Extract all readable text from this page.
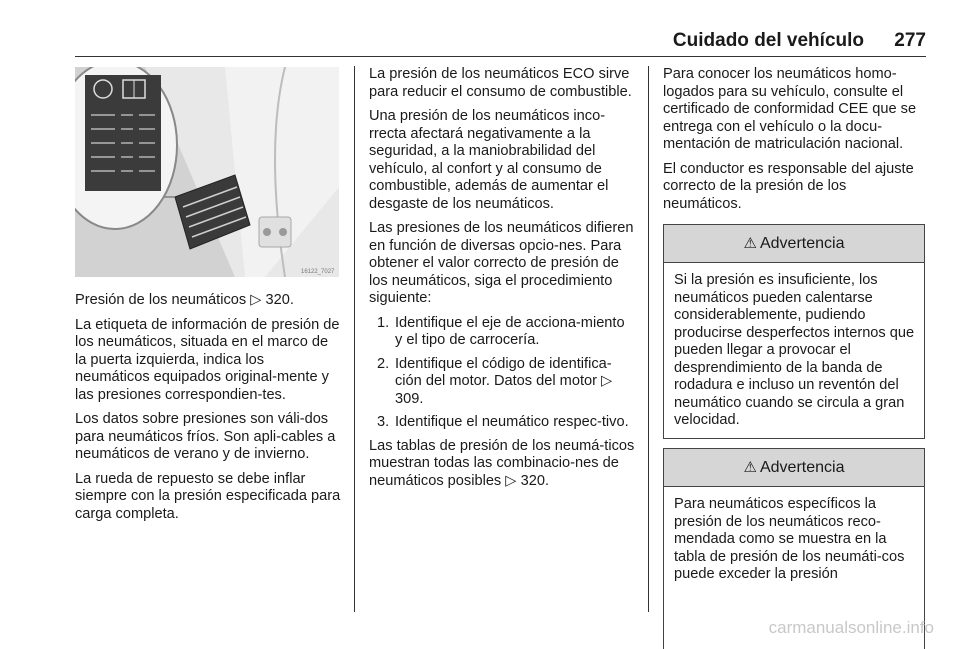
Cuidado del vehículo 277
16122_7027

Presión de los neumáticos ▷ 320.

La etiqueta de información de presión de los neumáticos, situada en el marco de la puerta izquierda, indica los neumáticos equipados original-mente y las presiones correspondien-tes.

Los datos sobre presiones son váli-dos para neumáticos fríos. Son apli-cables a neumáticos de verano y de invierno.

La rueda de repuesto se debe inflar siempre con la presión especificada para carga completa.

La presión de los neumáticos ECO sirve para reducir el consumo de combustible.

Una presión de los neumáticos inco-rrecta afectará negativamente a la seguridad, a la maniobrabilidad del vehículo, al confort y al consumo de combustible, además de aumentar el desgaste de los neumáticos.

Las presiones de los neumáticos difieren en función de diversas opcio-nes. Para obtener el valor correcto de presión de los neumáticos, siga el procedimiento siguiente:

1. Identifique el eje de acciona-miento y el tipo de carrocería.
2. Identifique el código de identifica-ción del motor. Datos del motor ▷ 309.
3. Identifique el neumático respec-tivo.

Las tablas de presión de los neumá-ticos muestran todas las combinacio-nes de neumáticos posibles ▷ 320.

Para conocer los neumáticos homo-logados para su vehículo, consulte el certificado de conformidad CEE que se entrega con el vehículo o la docu-mentación de matriculación nacional.

El conductor es responsable del ajuste correcto de la presión de los neumáticos.

⚠ Advertencia
Si la presión es insuficiente, los neumáticos pueden calentarse considerablemente, pudiendo producirse desperfectos internos que pueden llegar a provocar el desprendimiento de la banda de rodadura e incluso un reventón del neumático cuando se circula a gran velocidad.
⚠ Advertencia
Para neumáticos específicos la presión de los neumáticos reco-mendada como se muestra en la tabla de presión de los neumáti-cos puede exceder la presión
carmanualsonline.info
